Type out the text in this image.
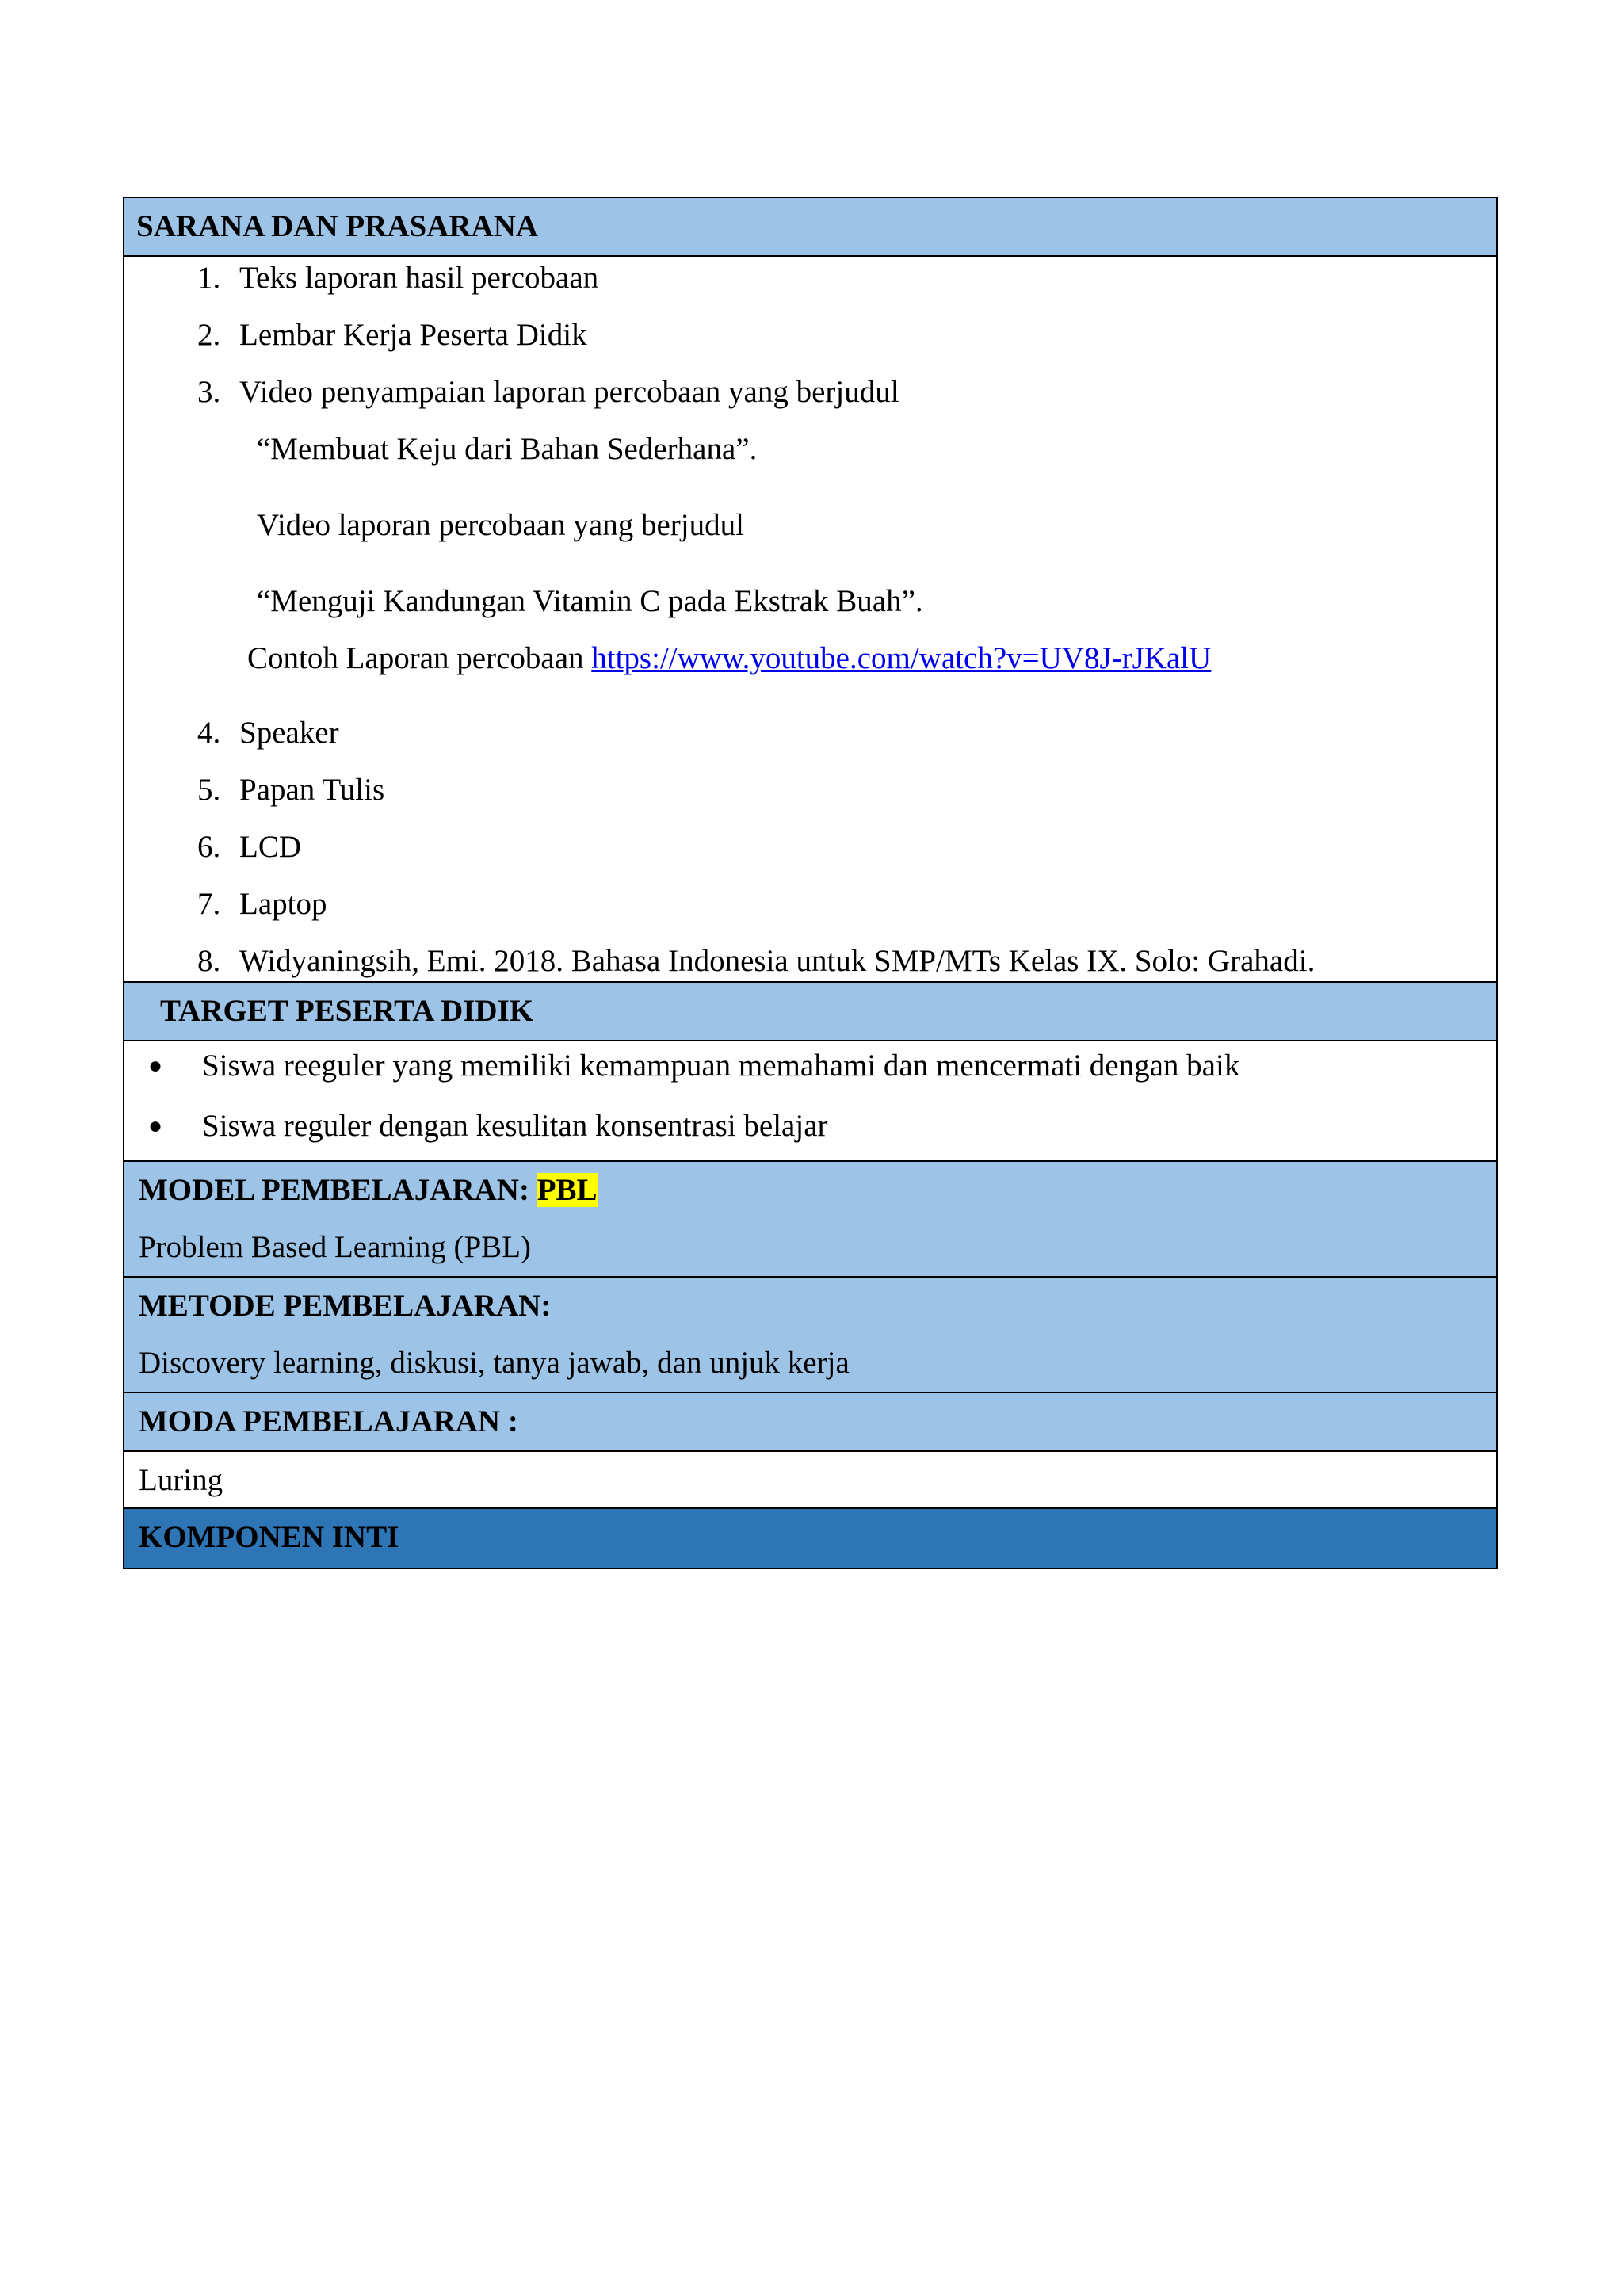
SARANA DAN PRASARANA
1. Teks laporan hasil percobaan
2. Lembar Kerja Peserta Didik
3. Video penyampaian laporan percobaan yang berjudul
“Membuat Keju dari Bahan Sederhana”.
Video laporan percobaan yang berjudul
“Menguji Kandungan Vitamin C pada Ekstrak Buah”.
Contoh Laporan percobaan https://www.youtube.com/watch?v=UV8J-rJKalU
4. Speaker
5. Papan Tulis
6. LCD
7. Laptop
8. Widyaningsih, Emi. 2018. Bahasa Indonesia untuk SMP/MTs Kelas IX. Solo: Grahadi.
TARGET PESERTA DIDIK
● Siswa reeguler yang memiliki kemampuan memahami dan mencermati dengan baik
● Siswa reguler dengan kesulitan konsentrasi belajar
MODEL PEMBELAJARAN: PBL
Problem Based Learning (PBL)
METODE PEMBELAJARAN:
Discovery learning, diskusi, tanya jawab, dan unjuk kerja
MODA PEMBELAJARAN :
Luring
KOMPONEN INTI
